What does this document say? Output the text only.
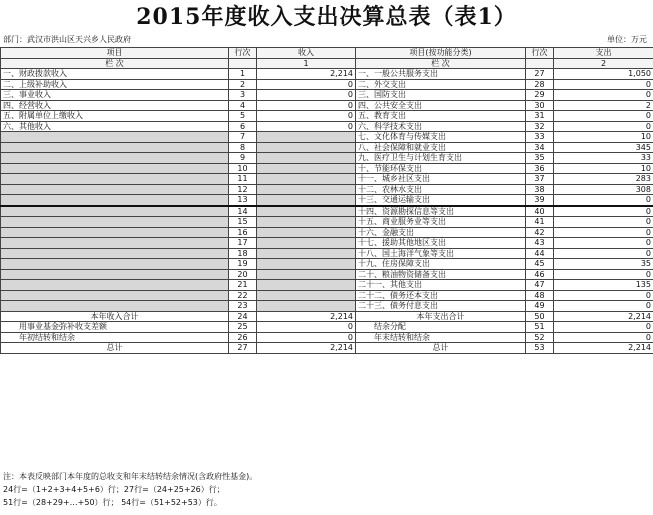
2015年度收入支出决算总表（表1）
部门：武汉市洪山区天兴乡人民政府	单位：万元
项目	行次	收入	项目(按功能分类)	行次	支出
栏 次		1	栏 次		2
一、财政拨款收入	1	2,214	一、一般公共服务支出	27	1,050
二、上级补助收入	2	0	二、外交支出	28	0
三、事业收入	3	0	三、国防支出	29	0
四、经营收入	4	0	四、公共安全支出	30	2
五、附属单位上缴收入	5	0	五、教育支出	31	0
六、其他收入	6	0	六、科学技术支出	32	0
	7		七、文化体育与传媒支出	33	10
	8		八、社会保障和就业支出	34	345
	9		九、医疗卫生与计划生育支出	35	33
	10		十、节能环保支出	36	10
	11		十一、城乡社区支出	37	283
	12		十二、农林水支出	38	308
	13		十三、交通运输支出	39	0
	14		十四、资源勘探信息等支出	40	0
	15		十五、商业服务业等支出	41	0
	16		十六、金融支出	42	0
	17		十七、援助其他地区支出	43	0
	18		十八、国土海洋气象等支出	44	0
	19		十九、住房保障支出	45	35
	20		二十、粮油物资储备支出	46	0
	21		二十一、其他支出	47	135
	22		二十二、债务还本支出	48	0
	23		二十三、债务付息支出	49	0
本年收入合计	24	2,214	本年支出合计	50	2,214
用事业基金弥补收支差额	25	0	结余分配	51	0
年初结转和结余	26	0	年末结转和结余	52	0
总计	27	2,214	总计	53	2,214
注：本表反映部门本年度的总收支和年末结转结余情况(含政府性基金)。
24行=（1+2+3+4+5+6）行；27行=（24+25+26）行；
51行=（28+29+…+50）行； 54行=（51+52+53）行。
